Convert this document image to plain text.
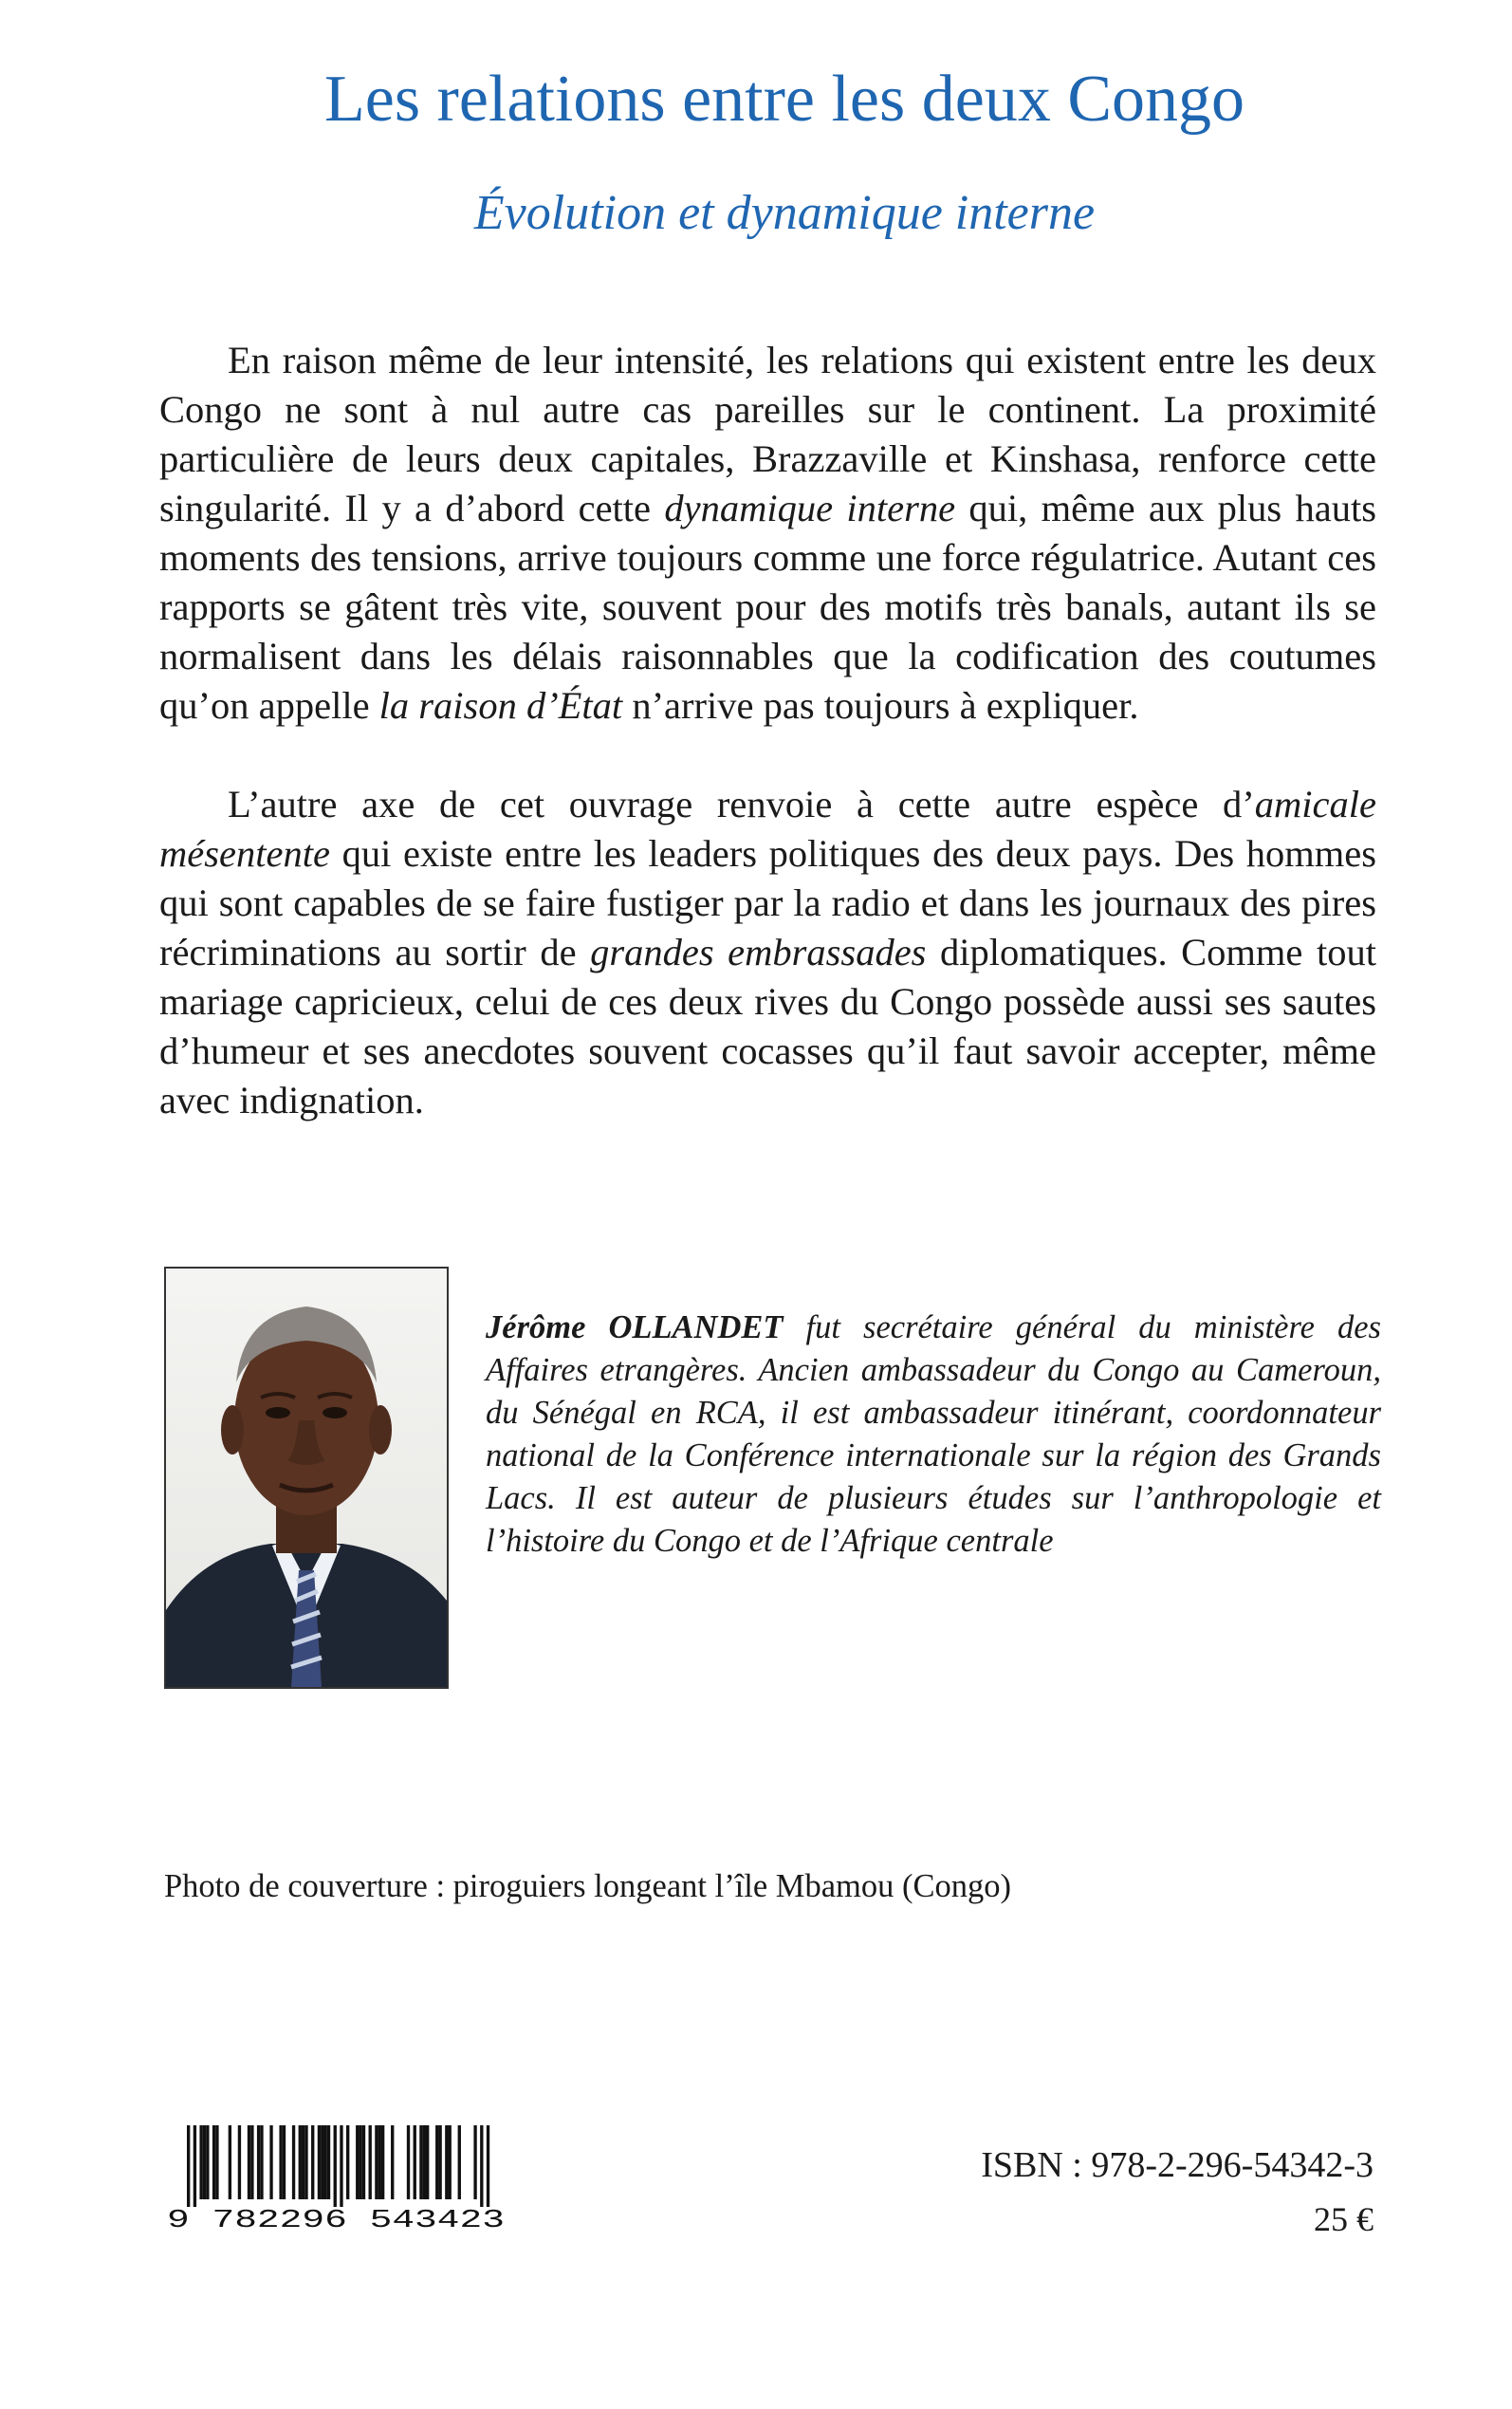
Les relations entre les deux Congo
Évolution et dynamique interne

En raison même de leur intensité, les relations qui existent entre les deux Congo ne sont à nul autre cas pareilles sur le continent. La proximité particulière de leurs deux capitales, Brazzaville et Kinshasa, renforce cette singularité. Il y a d’abord cette dynamique interne qui, même aux plus hauts moments des tensions, arrive toujours comme une force régulatrice. Autant ces rapports se gâtent très vite, souvent pour des motifs très banals, autant ils se normalisent dans les délais raisonnables que la codification des coutumes qu’on appelle la raison d’État n’arrive pas toujours à expliquer.

L’autre axe de cet ouvrage renvoie à cette autre espèce d’amicale mésentente qui existe entre les leaders politiques des deux pays. Des hommes qui sont capables de se faire fustiger par la radio et dans les journaux des pires récriminations au sortir de grandes embrassades diplomatiques. Comme tout mariage capricieux, celui de ces deux rives du Congo possède aussi ses sautes d’humeur et ses anecdotes souvent cocasses qu’il faut savoir accepter, même avec indignation.

Jérôme OLLANDET fut secrétaire général du ministère des Affaires etrangères. Ancien ambassadeur du Congo au Cameroun, du Sénégal en RCA, il est ambassadeur itinérant, coordonnateur national de la Conférence internationale sur la région des Grands Lacs. Il est auteur de plusieurs études sur l’anthropologie et l’histoire du Congo et de l’Afrique centrale

Photo de couverture : piroguiers longeant l’île Mbamou (Congo)
9 782296 543423
ISBN : 978-2-296-54342-3
25 €
